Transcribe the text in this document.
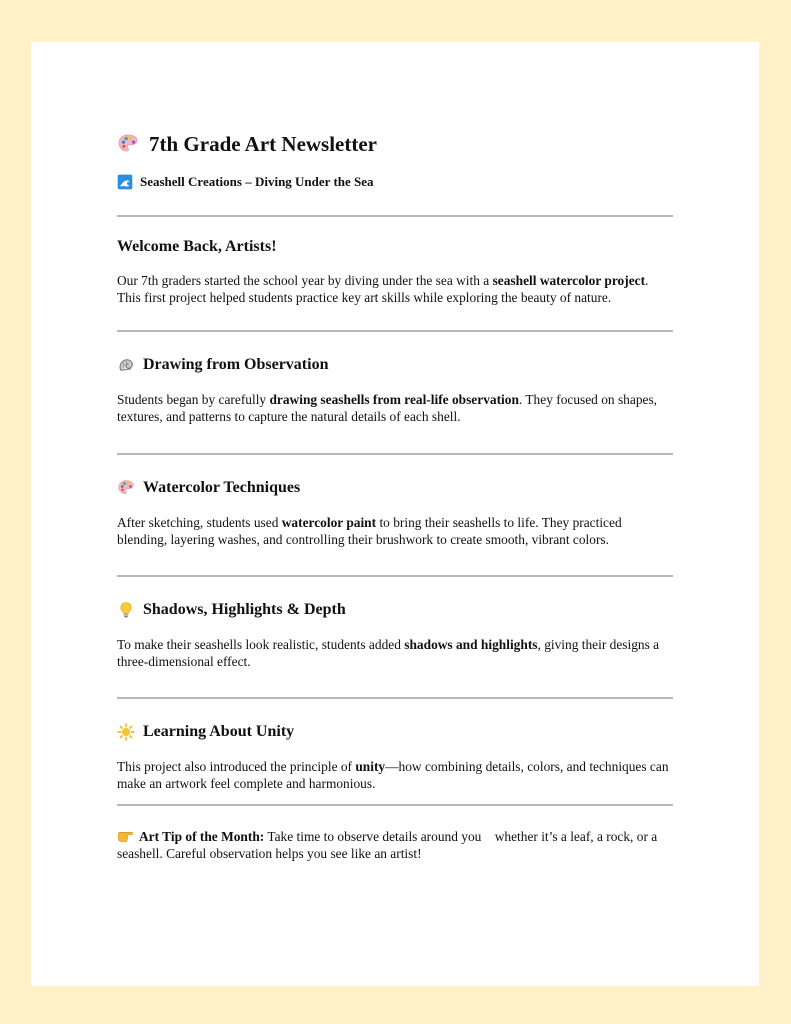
7th Grade Art Newsletter
Seashell Creations – Diving Under the Sea
Welcome Back, Artists!

Our 7th graders started the school year by diving under the sea with a seashell watercolor project. This first project helped students practice key art skills while exploring the beauty of nature.

Drawing from Observation

Students began by carefully drawing seashells from real-life observation. They focused on shapes, textures, and patterns to capture the natural details of each shell.

Watercolor Techniques

After sketching, students used watercolor paint to bring their seashells to life. They practiced blending, layering washes, and controlling their brushwork to create smooth, vibrant colors.

Shadows, Highlights & Depth

To make their seashells look realistic, students added shadows and highlights, giving their designs a three-dimensional effect.

Learning About Unity

This project also introduced the principle of unity—how combining details, colors, and techniques can make an artwork feel complete and harmonious.

Art Tip of the Month: Take time to observe details around you    whether it’s a leaf, a rock, or a seashell. Careful observation helps you see like an artist!
